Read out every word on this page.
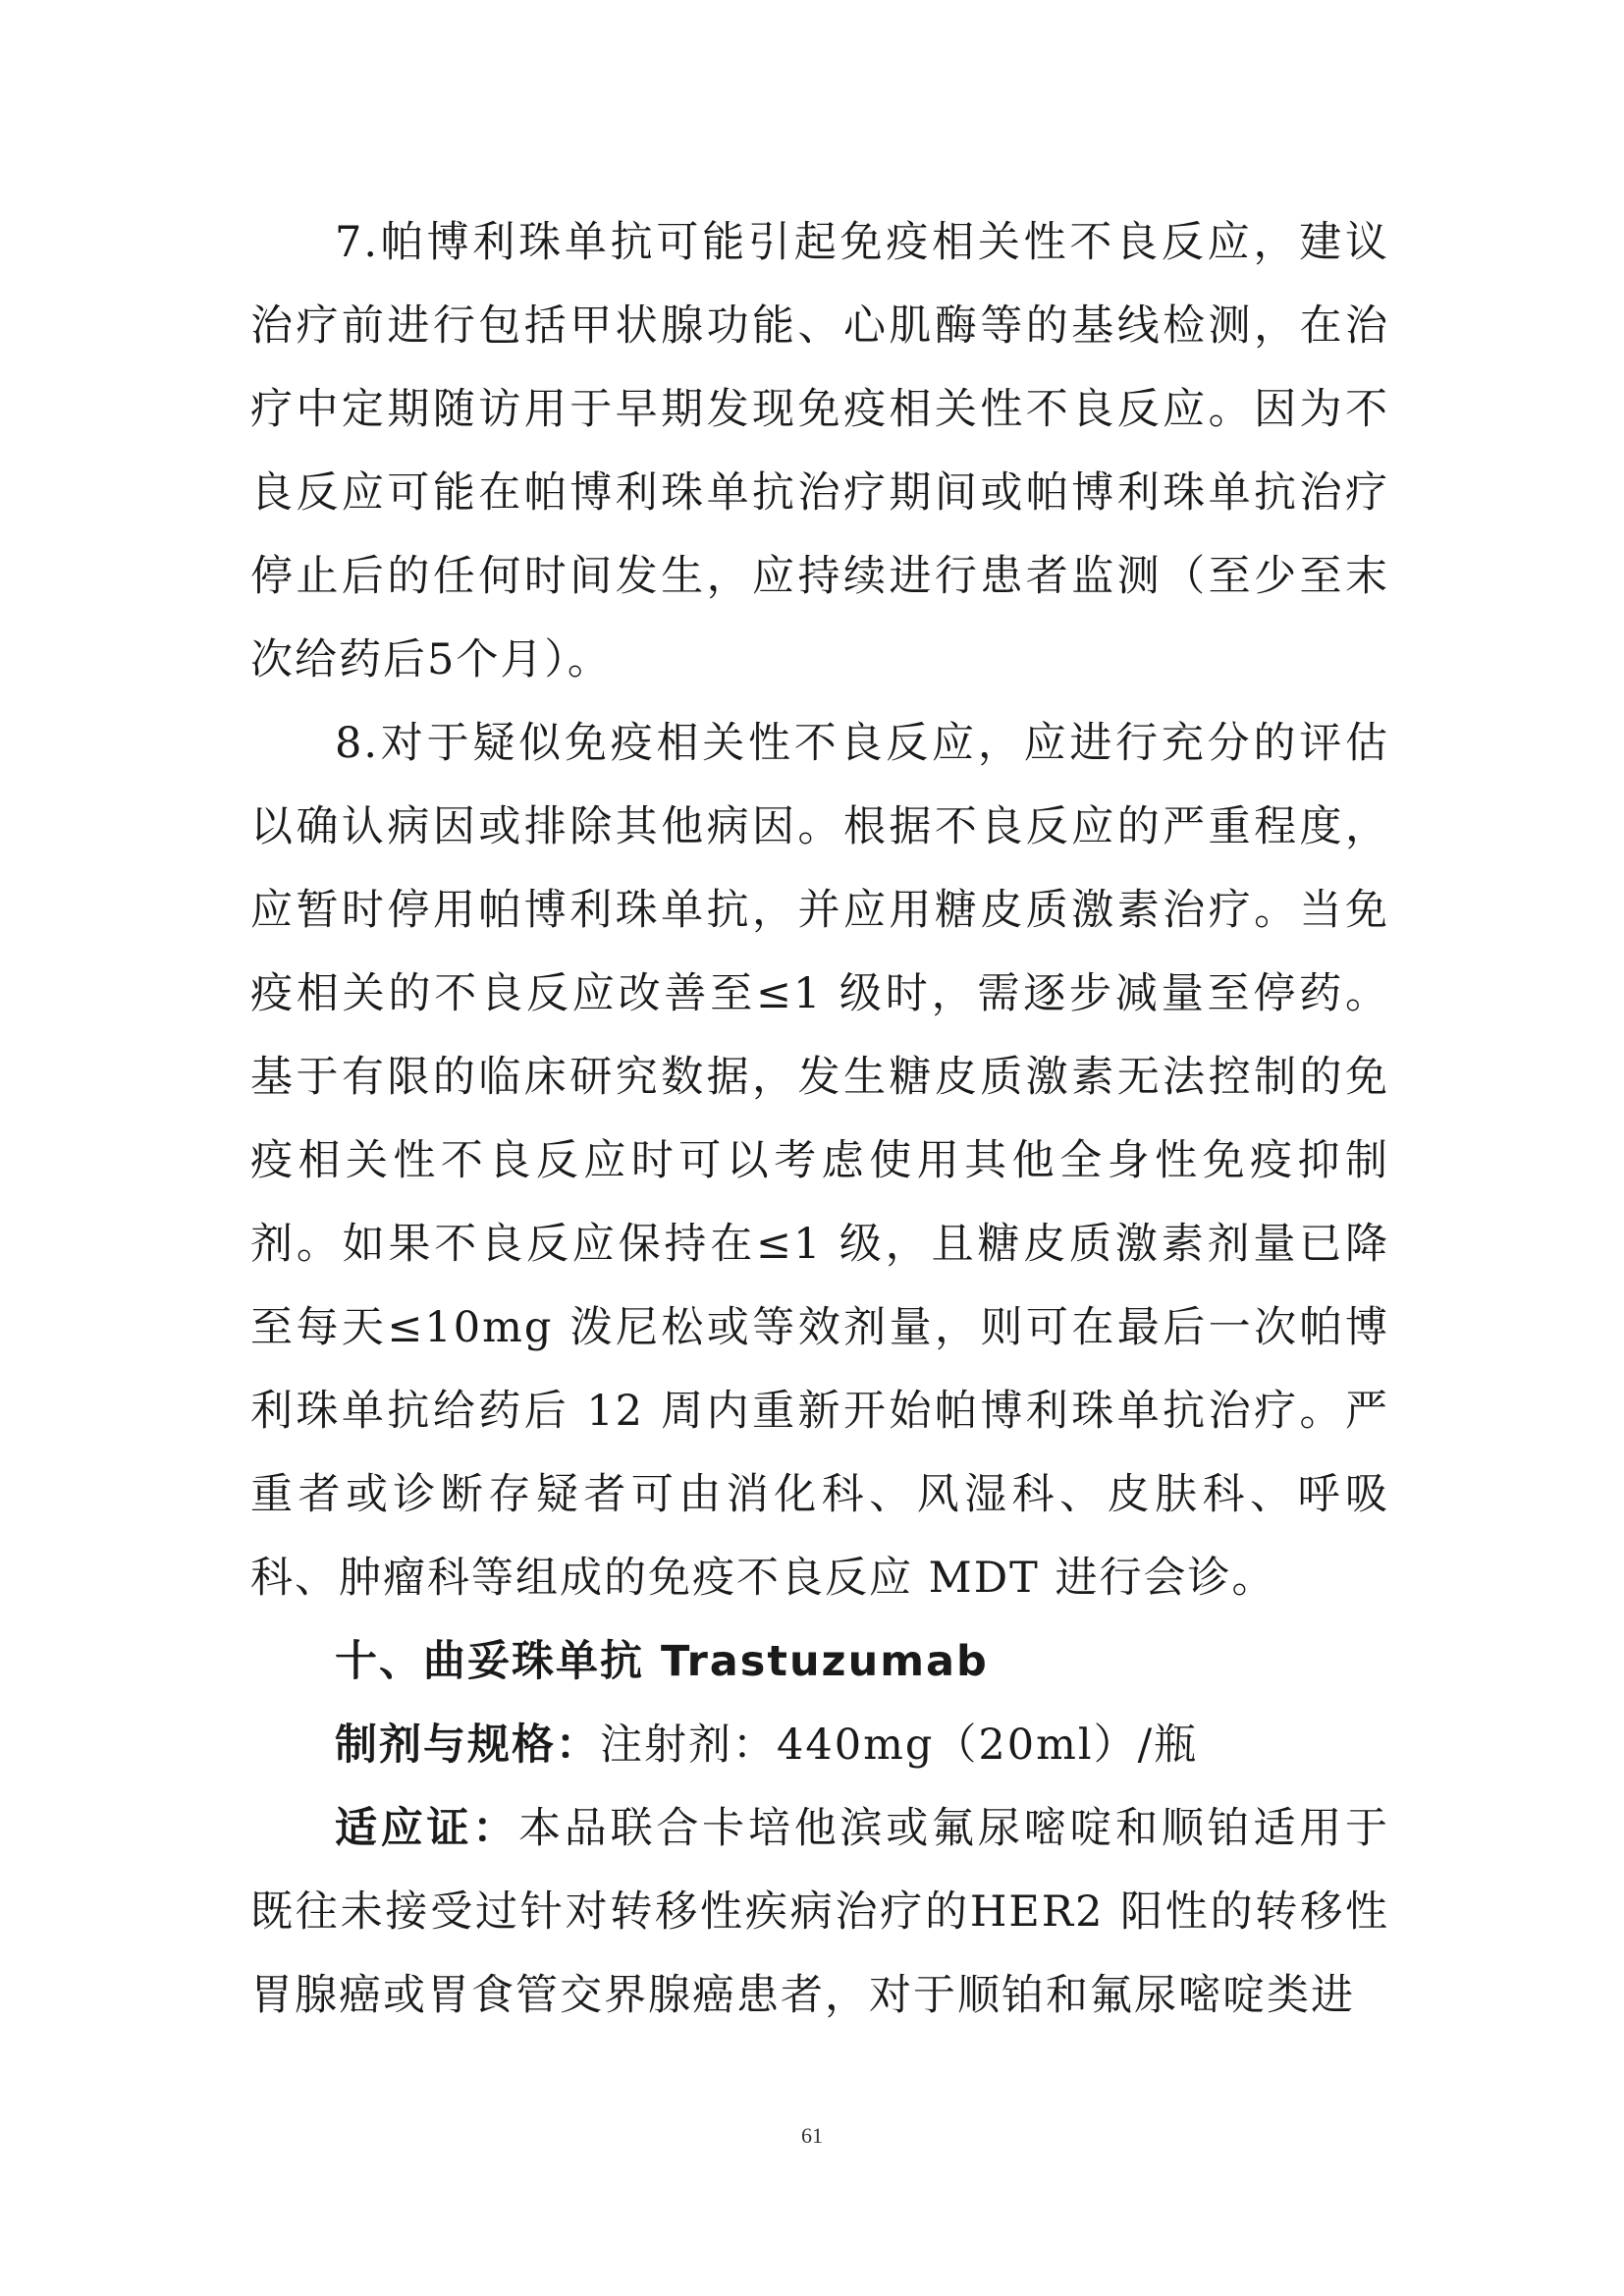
7.帕博利珠单抗可能引起免疫相关性不良反应，建议治疗前进行包括甲状腺功能、心肌酶等的基线检测，在治疗中定期随访用于早期发现免疫相关性不良反应。因为不良反应可能在帕博利珠单抗治疗期间或帕博利珠单抗治疗停止后的任何时间发生，应持续进行患者监测（至少至末次给药后5个月）。

8.对于疑似免疫相关性不良反应，应进行充分的评估以确认病因或排除其他病因。根据不良反应的严重程度，应暂时停用帕博利珠单抗，并应用糖皮质激素治疗。当免疫相关的不良反应改善至≤1 级时，需逐步减量至停药。基于有限的临床研究数据，发生糖皮质激素无法控制的免疫相关性不良反应时可以考虑使用其他全身性免疫抑制剂。如果不良反应保持在≤1 级，且糖皮质激素剂量已降至每天≤10mg 泼尼松或等效剂量，则可在最后一次帕博利珠单抗给药后 12 周内重新开始帕博利珠单抗治疗。严重者或诊断存疑者可由消化科、风湿科、皮肤科、呼吸科、肿瘤科等组成的免疫不良反应 MDT 进行会诊。

十、曲妥珠单抗 Trastuzumab

制剂与规格：注射剂：440mg（20ml）/瓶

适应证：本品联合卡培他滨或氟尿嘧啶和顺铂适用于既往未接受过针对转移性疾病治疗的HER2 阳性的转移性胃腺癌或胃食管交界腺癌患者，对于顺铂和氟尿嘧啶类进

61
